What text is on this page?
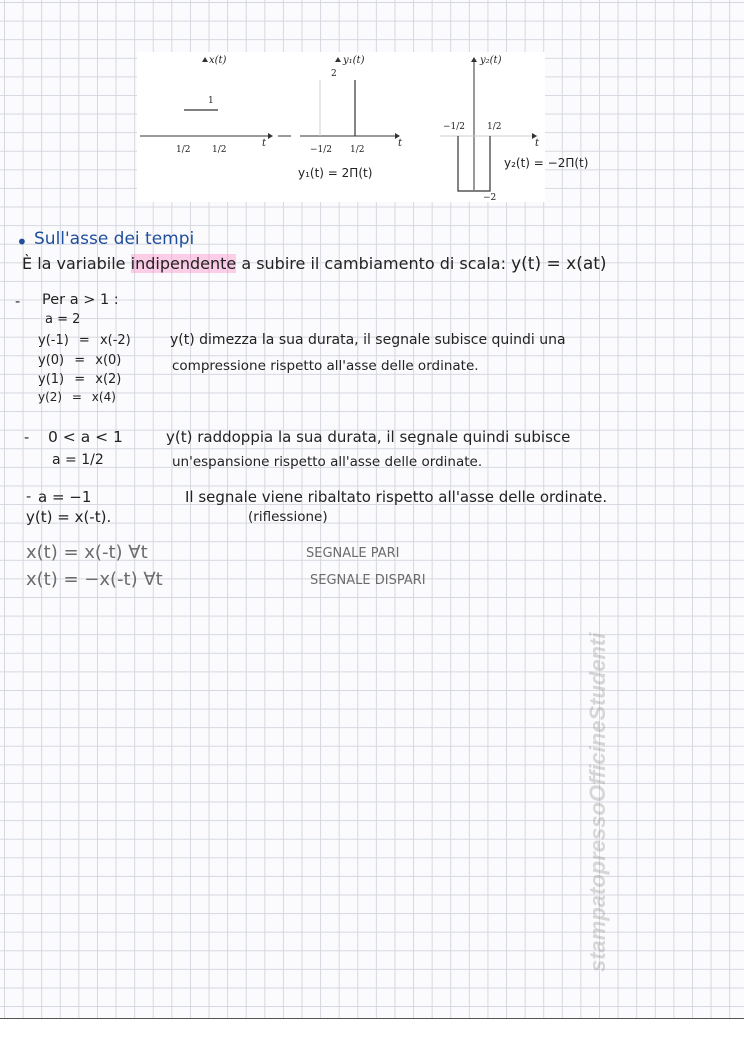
x(t)
1
1/2 1/2
t
y₁(t)
2
−1/2 1/2
t
y₁(t) = 2Π(t)
y₂(t)
−1/2 1/2
t
−2
y₂(t) = −2Π(t)
• Sull'asse dei tempi
È la variabile indipendente a subire il cambiamento di scala: y(t) = x(at)
- Per a > 1 :
a = 2
y(-1) = x(-2)
y(0) = x(0)
y(1) = x(2)
y(2) = x(4)
y(t) dimezza la sua durata, il segnale subisce quindi una
compressione rispetto all'asse delle ordinate.
- 0 < a < 1
a = 1/2
y(t) raddoppia la sua durata, il segnale quindi subisce
un'espansione rispetto all'asse delle ordinate.
- a = −1
y(t) = x(-t).
Il segnale viene ribaltato rispetto all'asse delle ordinate.
(riflessione)
x(t) = x(-t) ∀t	SEGNALE PARI
x(t) = −x(-t) ∀t	SEGNALE DISPARI
stampatopressoOfficineStudenti
